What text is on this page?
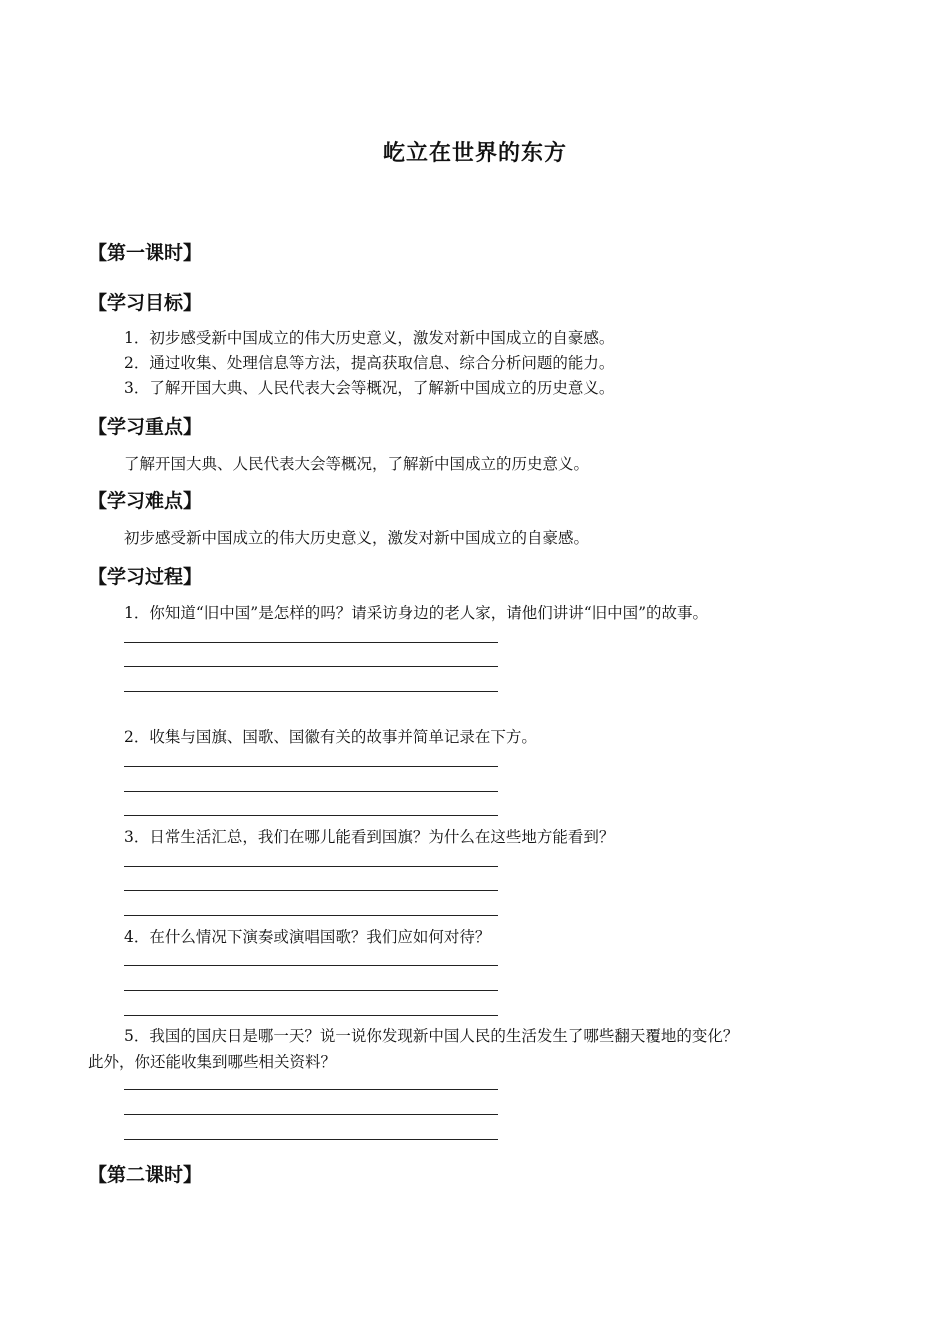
屹立在世界的东方
【第一课时】
【学习目标】
1．初步感受新中国成立的伟大历史意义，激发对新中国成立的自豪感。
2．通过收集、处理信息等方法，提高获取信息、综合分析问题的能力。
3．了解开国大典、人民代表大会等概况，了解新中国成立的历史意义。
【学习重点】
了解开国大典、人民代表大会等概况，了解新中国成立的历史意义。
【学习难点】
初步感受新中国成立的伟大历史意义，激发对新中国成立的自豪感。
【学习过程】
1．你知道“旧中国”是怎样的吗？请采访身边的老人家，请他们讲讲“旧中国”的故事。
2．收集与国旗、国歌、国徽有关的故事并简单记录在下方。
3．日常生活汇总，我们在哪儿能看到国旗？为什么在这些地方能看到？
4．在什么情况下演奏或演唱国歌？我们应如何对待？
5．我国的国庆日是哪一天？说一说你发现新中国人民的生活发生了哪些翻天覆地的变化？
此外，你还能收集到哪些相关资料？
【第二课时】
